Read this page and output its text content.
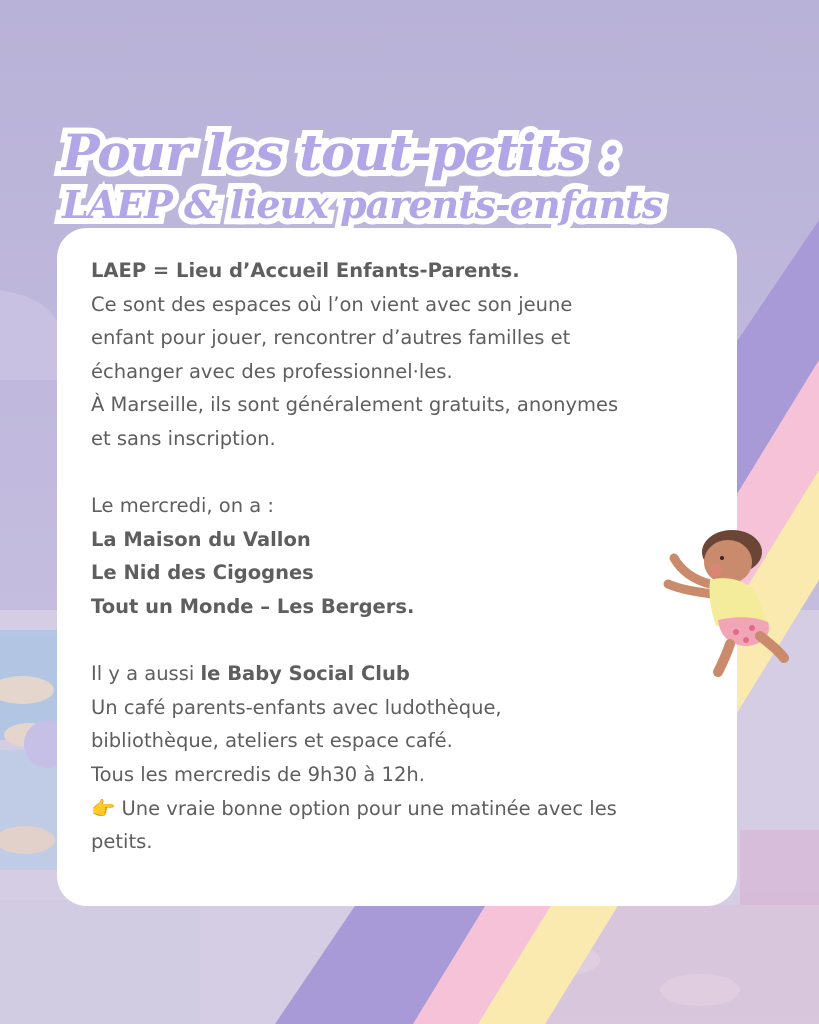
Pour les tout-petits :
LAEP & lieux parents-enfants

LAEP = Lieu d’Accueil Enfants-Parents.

Ce sont des espaces où l’on vient avec son jeune

enfant pour jouer, rencontrer d’autres familles et

échanger avec des professionnel·les.

À Marseille, ils sont généralement gratuits, anonymes

et sans inscription.

Le mercredi, on a :

La Maison du Vallon

Le Nid des Cigognes

Tout un Monde – Les Bergers.

Il y a aussi le Baby Social Club

Un café parents-enfants avec ludothèque,

bibliothèque, ateliers et espace café.

Tous les mercredis de 9h30 à 12h.

👉 Une vraie bonne option pour une matinée avec les

petits.
